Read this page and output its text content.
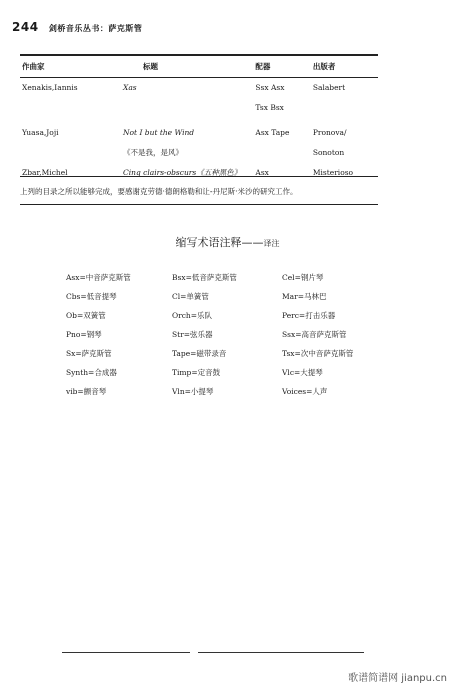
244 剑桥音乐丛书：萨克斯管
作曲家	标题	配器	出版者

Xenakis,Iannis	Xas	Ssx Asx	Salabert
		Tsx Bsx	
Yuasa,Joji	Not I but the Wind	Asx Tape	Pronova/
	《不是我，是风》		Sonoton
Zbar,Michel	Cinq clairs-obscurs《五种黑色》	Asx	Misterioso
上列的目录之所以能够完成，要感谢克劳德·德朗格勒和让-丹尼斯·米沙的研究工作。
缩写术语注释——译注
Asx=中音萨克斯管	Bsx=低音萨克斯管	Cel=钢片琴
Cbs=低音提琴	Cl=单簧管	Mar=马林巴
Ob=双簧管	Orch=乐队	Perc=打击乐器
Pno=钢琴	Str=弦乐器	Ssx=高音萨克斯管
Sx=萨克斯管	Tape=磁带录音	Tsx=次中音萨克斯管
Synth=合成器	Timp=定音鼓	Vlc=大提琴
vib=颤音琴	Vln=小提琴	Voices=人声
歌谱简谱网 jianpu.cn
